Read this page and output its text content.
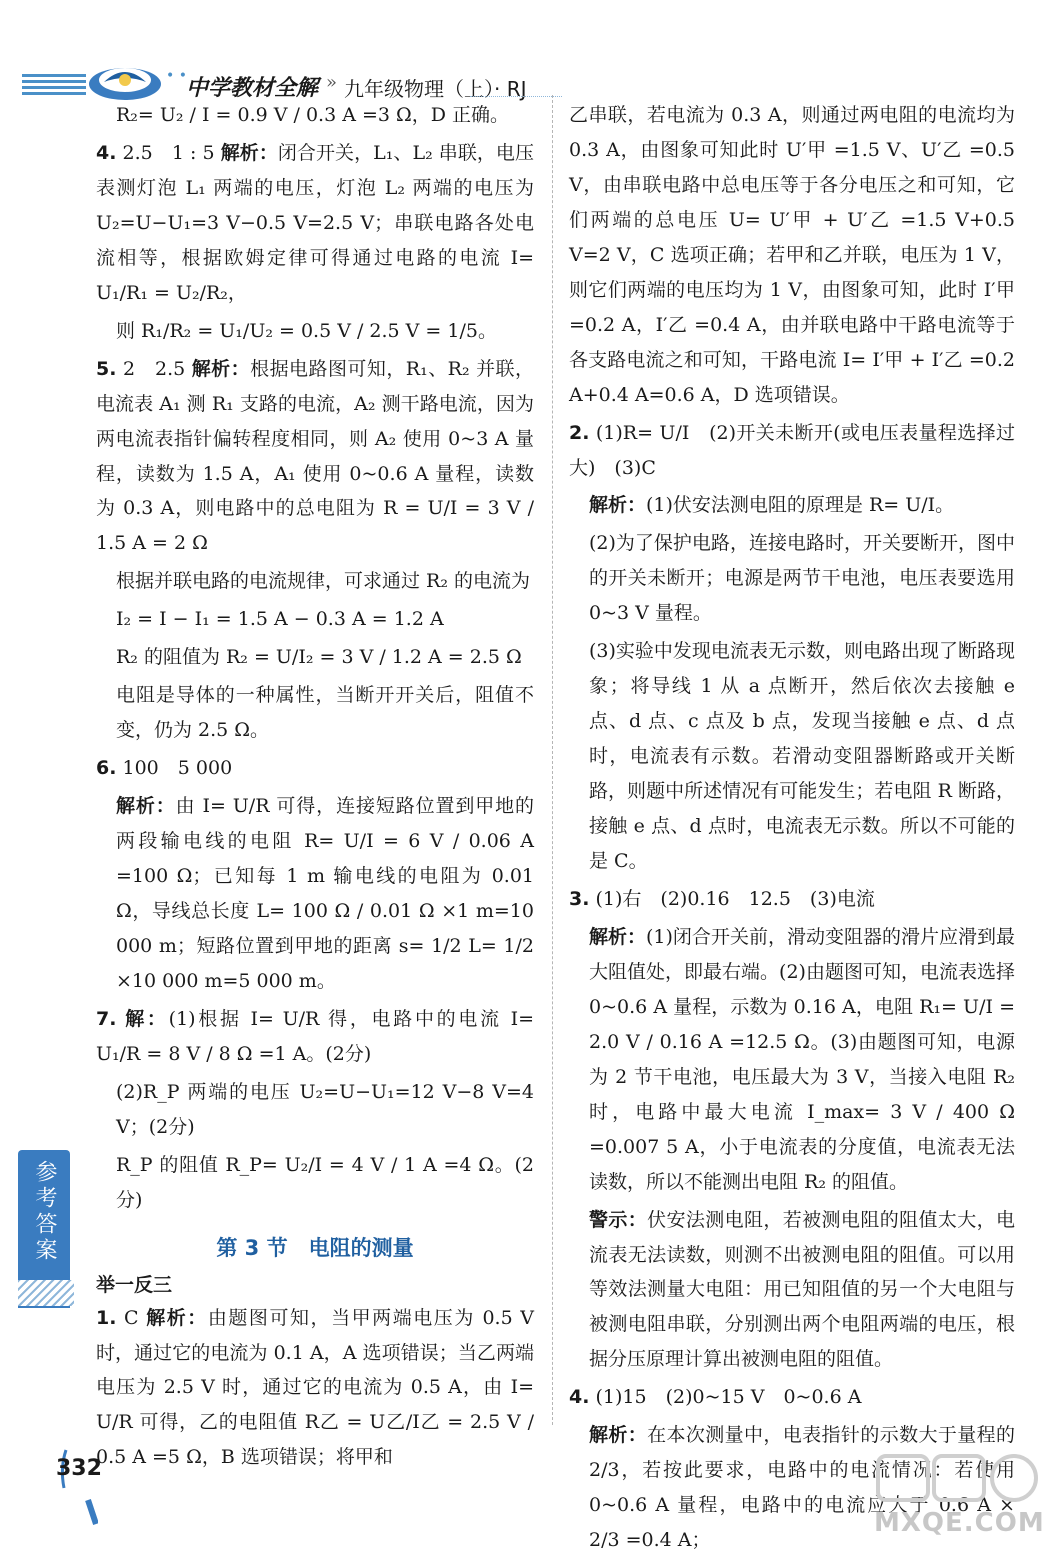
• • 中学教材全解 » 九年级物理（上）· RJ

R₂= U₂ / I = 0.9 V / 0.3 A =3 Ω，D 正确。

4. 2.5　1 : 5 解析：闭合开关，L₁、L₂ 串联，电压表测灯泡 L₁ 两端的电压，灯泡 L₂ 两端的电压为 U₂=U−U₁=3 V−0.5 V=2.5 V；串联电路各处电流相等，根据欧姆定律可得通过电路的电流 I= U₁/R₁ = U₂/R₂，

则 R₁/R₂ = U₁/U₂ = 0.5 V / 2.5 V = 1/5。

5. 2　2.5 解析：根据电路图可知，R₁、R₂ 并联，电流表 A₁ 测 R₁ 支路的电流，A₂ 测干路电流，因为两电流表指针偏转程度相同，则 A₂ 使用 0~3 A 量程，读数为 1.5 A，A₁ 使用 0~0.6 A 量程，读数为 0.3 A，则电路中的总电阻为 R = U/I = 3 V / 1.5 A = 2 Ω

根据并联电路的电流规律，可求通过 R₂ 的电流为

I₂ = I − I₁ = 1.5 A − 0.3 A = 1.2 A

R₂ 的阻值为 R₂ = U/I₂ = 3 V / 1.2 A = 2.5 Ω

电阻是导体的一种属性，当断开开关后，阻值不变，仍为 2.5 Ω。

6. 100　5 000

解析：由 I= U/R 可得，连接短路位置到甲地的两段输电线的电阻 R= U/I = 6 V / 0.06 A =100 Ω；已知每 1 m 输电线的电阻为 0.01 Ω，导线总长度 L= 100 Ω / 0.01 Ω ×1 m=10 000 m；短路位置到甲地的距离 s= 1/2 L= 1/2 ×10 000 m=5 000 m。

7. 解：(1)根据 I= U/R 得，电路中的电流 I= U₁/R = 8 V / 8 Ω =1 A。(2分)

(2)R_P 两端的电压 U₂=U−U₁=12 V−8 V=4 V；(2分)

R_P 的阻值 R_P= U₂/I = 4 V / 1 A =4 Ω。(2分)

第 3 节　电阻的测量
举一反三

1. C 解析：由题图可知，当甲两端电压为 0.5 V 时，通过它的电流为 0.1 A，A 选项错误；当乙两端电压为 2.5 V 时，通过它的电流为 0.5 A，由 I= U/R 可得，乙的电阻值 R乙 = U乙/I乙 = 2.5 V / 0.5 A =5 Ω，B 选项错误；将甲和

乙串联，若电流为 0.3 A，则通过两电阻的电流均为 0.3 A，由图象可知此时 U′甲 =1.5 V、U′乙 =0.5 V，由串联电路中总电压等于各分电压之和可知，它们两端的总电压 U= U′甲 + U′乙 =1.5 V+0.5 V=2 V，C 选项正确；若甲和乙并联，电压为 1 V，则它们两端的电压均为 1 V，由图象可知，此时 I′甲 =0.2 A，I′乙 =0.4 A，由并联电路中干路电流等于各支路电流之和可知，干路电流 I= I′甲 + I′乙 =0.2 A+0.4 A=0.6 A，D 选项错误。

2. (1)R= U/I　(2)开关未断开(或电压表量程选择过大)　(3)C

解析：(1)伏安法测电阻的原理是 R= U/I。

(2)为了保护电路，连接电路时，开关要断开，图中的开关未断开；电源是两节干电池，电压表要选用 0~3 V 量程。

(3)实验中发现电流表无示数，则电路出现了断路现象；将导线 1 从 a 点断开，然后依次去接触 e 点、d 点、c 点及 b 点，发现当接触 e 点、d 点时，电流表有示数。若滑动变阻器断路或开关断路，则题中所述情况有可能发生；若电阻 R 断路，接触 e 点、d 点时，电流表无示数。所以不可能的是 C。

3. (1)右　(2)0.16　12.5　(3)电流

解析：(1)闭合开关前，滑动变阻器的滑片应滑到最大阻值处，即最右端。(2)由题图可知，电流表选择 0~0.6 A 量程，示数为 0.16 A，电阻 R₁= U/I = 2.0 V / 0.16 A =12.5 Ω。(3)由题图可知，电源为 2 节干电池，电压最大为 3 V，当接入电阻 R₂ 时，电路中最大电流 I_max= 3 V / 400 Ω =0.007 5 A，小于电流表的分度值，电流表无法读数，所以不能测出电阻 R₂ 的阻值。

警示：伏安法测电阻，若被测电阻的阻值太大，电流表无法读数，则测不出被测电阻的阻值。可以用等效法测量大电阻：用已知阻值的另一个大电阻与被测电阻串联，分别测出两个电阻两端的电压，根据分压原理计算出被测电阻的阻值。

4. (1)15　(2)0~15 V　0~0.6 A

解析：在本次测量中，电表指针的示数大于量程的 2/3，若按此要求，电路中的电流情况：若使用 0~0.6 A 量程，电路中的电流应大于 0.6 A × 2/3 =0.4 A；

参考答案
332
MXQE.COM
